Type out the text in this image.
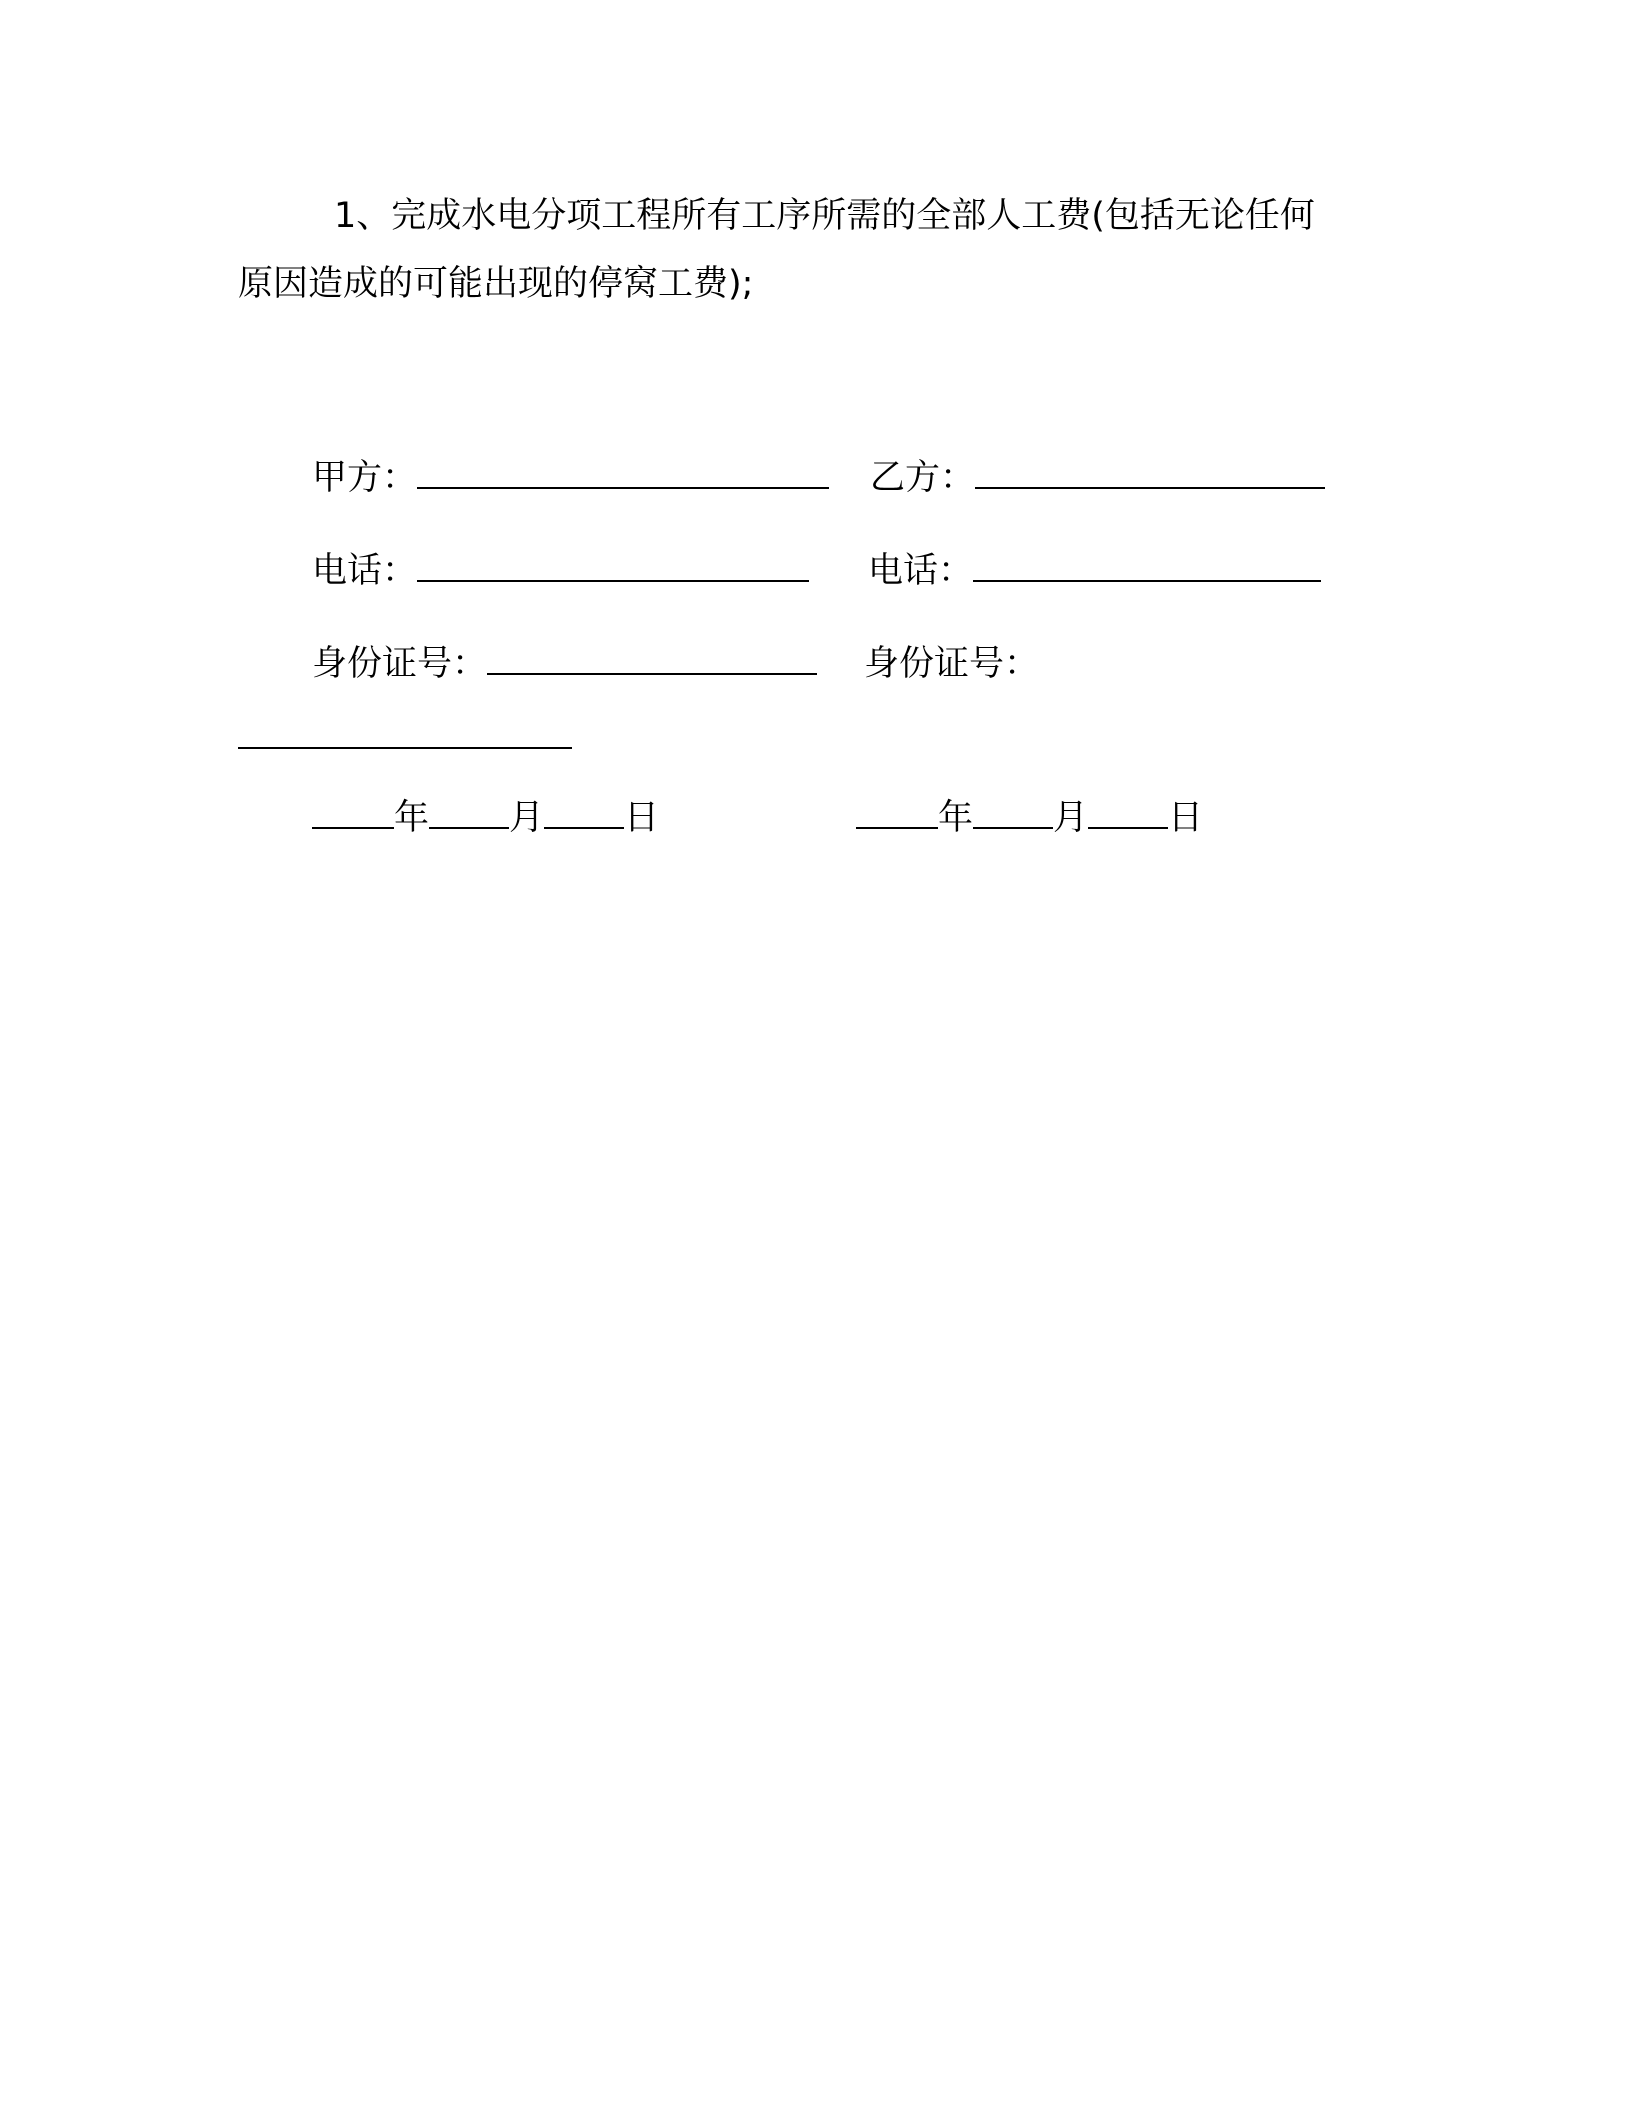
1、完成水电分项工程所有工序所需的全部人工费(包括无论任何
原因造成的可能出现的停窝工费);
甲方：	乙方：
电话：	电话：
身份证号：	身份证号：
年 月 日	年 月 日
